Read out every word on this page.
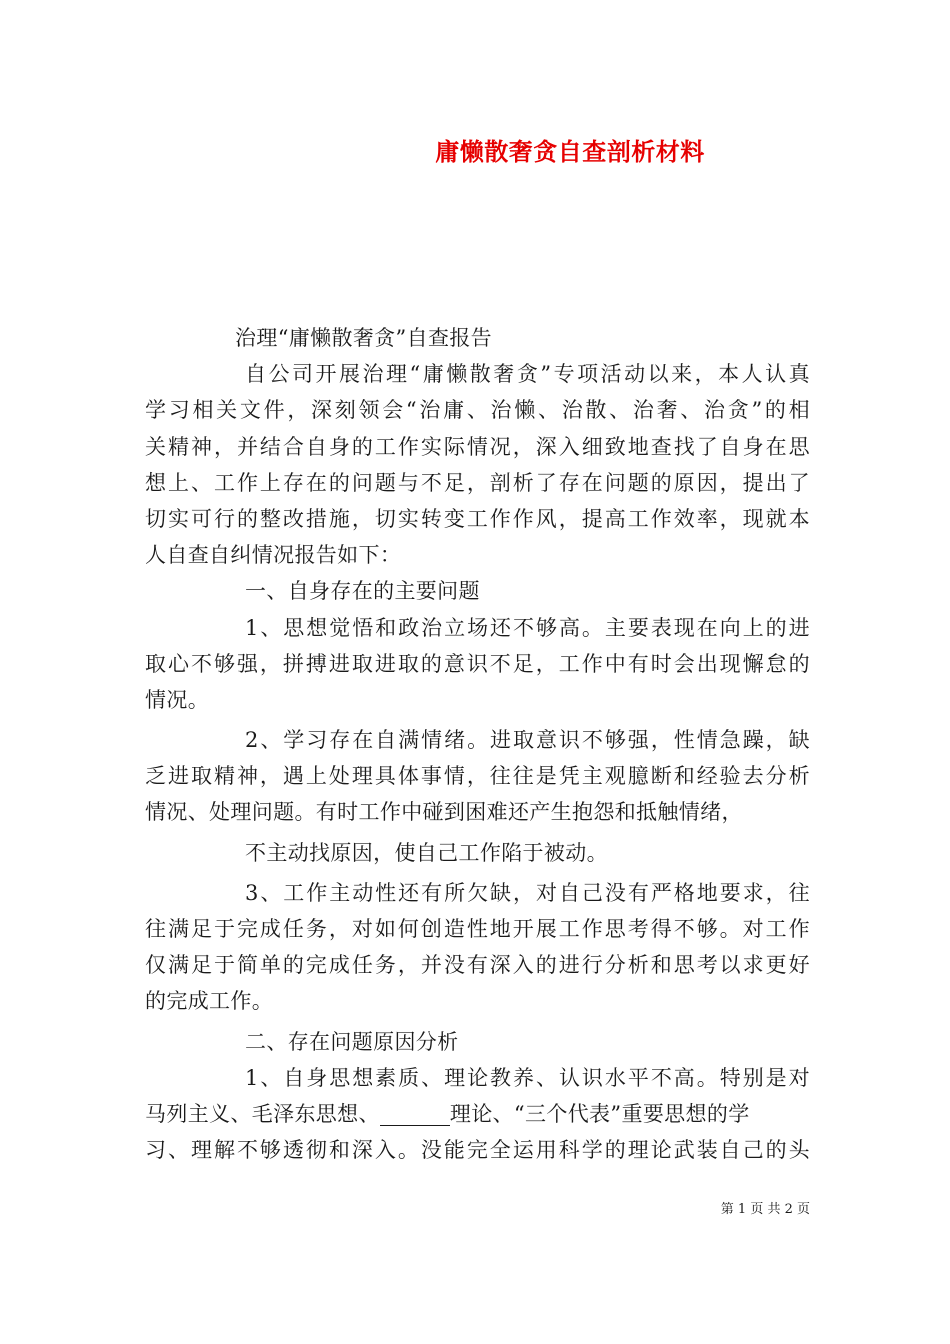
庸懒散奢贪自查剖析材料
治理“庸懒散奢贪”自查报告
自公司开展治理“庸懒散奢贪”专项活动以来，本人认真
学习相关文件，深刻领会“治庸、治懒、治散、治奢、治贪”的相
关精神，并结合自身的工作实际情况，深入细致地查找了自身在思
想上、工作上存在的问题与不足，剖析了存在问题的原因，提出了
切实可行的整改措施，切实转变工作作风，提高工作效率，现就本
人自查自纠情况报告如下：
一、自身存在的主要问题
1、思想觉悟和政治立场还不够高。主要表现在向上的进
取心不够强，拼搏进取进取的意识不足，工作中有时会出现懈怠的
情况。
2、学习存在自满情绪。进取意识不够强，性情急躁，缺
乏进取精神，遇上处理具体事情，往往是凭主观臆断和经验去分析
情况、处理问题。有时工作中碰到困难还产生抱怨和抵触情绪，
不主动找原因，使自己工作陷于被动。
3、工作主动性还有所欠缺，对自己没有严格地要求，往
往满足于完成任务，对如何创造性地开展工作思考得不够。对工作
仅满足于简单的完成任务，并没有深入的进行分析和思考以求更好
的完成工作。
二、存在问题原因分析
1、自身思想素质、理论教养、认识水平不高。特别是对
马列主义、毛泽东思想、	理论、“三个代表”重要思想的学
习、理解不够透彻和深入。没能完全运用科学的理论武装自己的头
第 1 页 共 2 页
